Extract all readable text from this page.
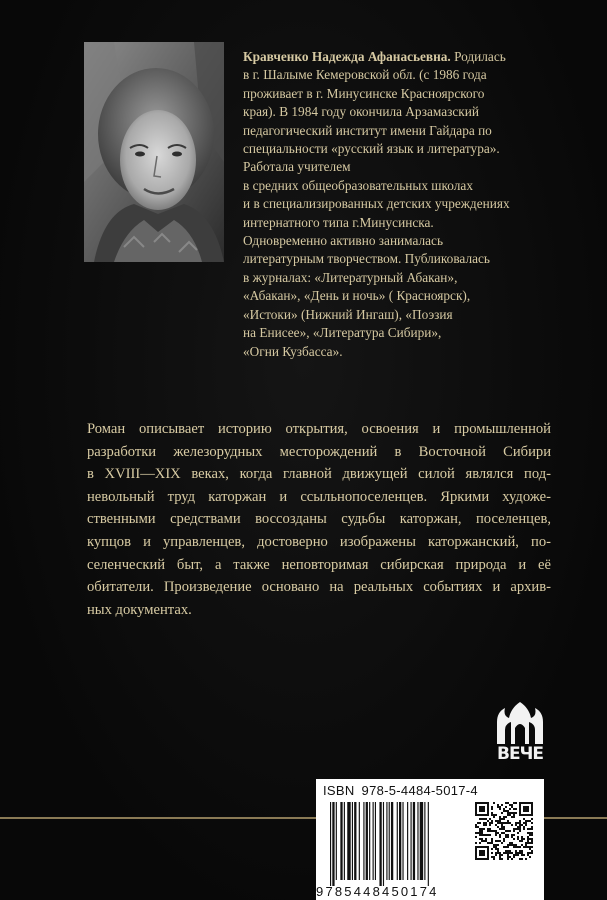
Кравченко Надежда Афанасьевна. Родилась
в г. Шалыме Кемеровской обл. (с 1986 года
проживает в г. Минусинске Красноярского
края). В 1984 году окончила Арзамазский
педагогический институт имени Гайдара по
специальности «русский язык и литература».
Работала учителем
в средних общеобразовательных школах
и в специализированных детских учреждениях
интернатного типа г.Минусинска.
Одновременно активно занималась
литературным творчеством. Публиковалась
в журналах: «Литературный Абакан»,
«Абакан», «День и ночь» ( Красноярск),
«Истоки» (Нижний Ингаш), «Поэзия
на Енисее», «Литература Сибири»,
«Огни Кузбасса».
Роман описывает историю открытия, освоения и промышленной
разработки железорудных месторождений в Восточной Сибири
в XVIII—XIX веках, когда главной движущей силой являлся под-
невольный труд каторжан и ссыльнопоселенцев. Яркими художе-
ственными средствами воссозданы судьбы каторжан, поселенцев,
купцов и управленцев, достоверно изображены каторжанский, по-
селенческий быт, а также неповторимая сибирская природа и её
обитатели. Произведение основано на реальных событиях и архив-
ных документах.
ВЕЧЕ
ISBN 978-5-4484-5017-4
9785448450174
